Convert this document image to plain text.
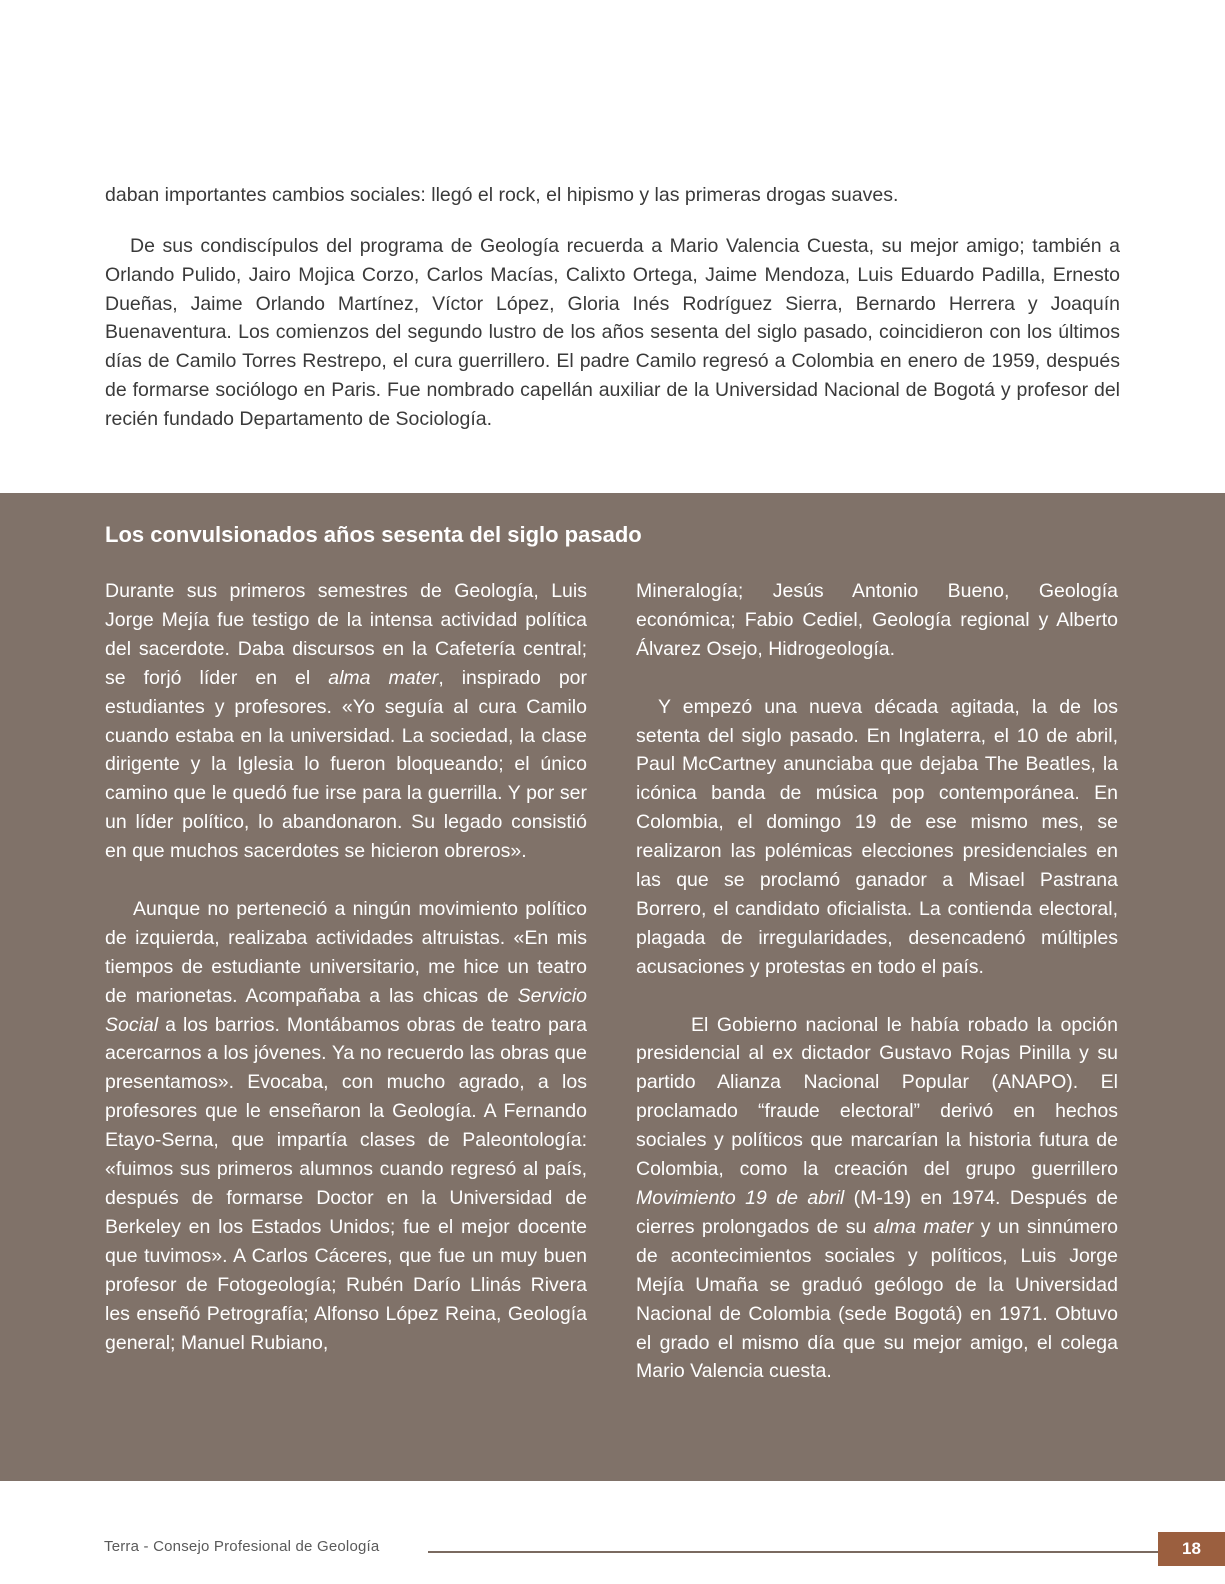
daban importantes cambios sociales: llegó el rock, el hipismo y las primeras drogas suaves.

De sus condiscípulos del programa de Geología recuerda a Mario Valencia Cuesta, su mejor amigo; también a Orlando Pulido, Jairo Mojica Corzo, Carlos Macías, Calixto Ortega, Jaime Mendoza, Luis Eduardo Padilla, Ernesto Dueñas, Jaime Orlando Martínez, Víctor López, Gloria Inés Rodríguez Sierra, Bernardo Herrera y Joaquín Buenaventura. Los comienzos del segundo lustro de los años sesenta del siglo pasado, coincidieron con los últimos días de Camilo Torres Restrepo, el cura guerrillero. El padre Camilo regresó a Colombia en enero de 1959, después de formarse sociólogo en Paris. Fue nombrado capellán auxiliar de la Universidad Nacional de Bogotá y profesor del recién fundado Departamento de Sociología.

Los convulsionados años sesenta del siglo pasado

Durante sus primeros semestres de Geología, Luis Jorge Mejía fue testigo de la intensa actividad política del sacerdote. Daba discursos en la Cafetería central; se forjó líder en el alma mater, inspirado por estudiantes y profesores. «Yo seguía al cura Camilo cuando estaba en la universidad. La sociedad, la clase dirigente y la Iglesia lo fueron bloqueando; el único camino que le quedó fue irse para la guerrilla. Y por ser un líder político, lo abandonaron. Su legado consistió en que muchos sacerdotes se hicieron obreros».

Aunque no perteneció a ningún movimiento político de izquierda, realizaba actividades altruistas. «En mis tiempos de estudiante universitario, me hice un teatro de marionetas. Acompañaba a las chicas de Servicio Social a los barrios. Montábamos obras de teatro para acercarnos a los jóvenes. Ya no recuerdo las obras que presentamos». Evocaba, con mucho agrado, a los profesores que le enseñaron la Geología. A Fernando Etayo-Serna, que impartía clases de Paleontología: «fuimos sus primeros alumnos cuando regresó al país, después de formarse Doctor en la Universidad de Berkeley en los Estados Unidos; fue el mejor docente que tuvimos». A Carlos Cáceres, que fue un muy buen profesor de Fotogeología; Rubén Darío Llinás Rivera les enseñó Petrografía; Alfonso López Reina, Geología general; Manuel Rubiano,

Mineralogía; Jesús Antonio Bueno, Geología económica; Fabio Cediel, Geología regional y Alberto Álvarez Osejo, Hidrogeología.

Y empezó una nueva década agitada, la de los setenta del siglo pasado. En Inglaterra, el 10 de abril, Paul McCartney anunciaba que dejaba The Beatles, la icónica banda de música pop contemporánea. En Colombia, el domingo 19 de ese mismo mes, se realizaron las polémicas elecciones presidenciales en las que se proclamó ganador a Misael Pastrana Borrero, el candidato oficialista. La contienda electoral, plagada de irregularidades, desencadenó múltiples acusaciones y protestas en todo el país.

El Gobierno nacional le había robado la opción presidencial al ex dictador Gustavo Rojas Pinilla y su partido Alianza Nacional Popular (ANAPO). El proclamado “fraude electoral” derivó en hechos sociales y políticos que marcarían la historia futura de Colombia, como la creación del grupo guerrillero Movimiento 19 de abril (M-19) en 1974. Después de cierres prolongados de su alma mater y un sinnúmero de acontecimientos sociales y políticos, Luis Jorge Mejía Umaña se graduó geólogo de la Universidad Nacional de Colombia (sede Bogotá) en 1971. Obtuvo el grado el mismo día que su mejor amigo, el colega Mario Valencia cuesta.

Terra - Consejo Profesional de Geología	18
